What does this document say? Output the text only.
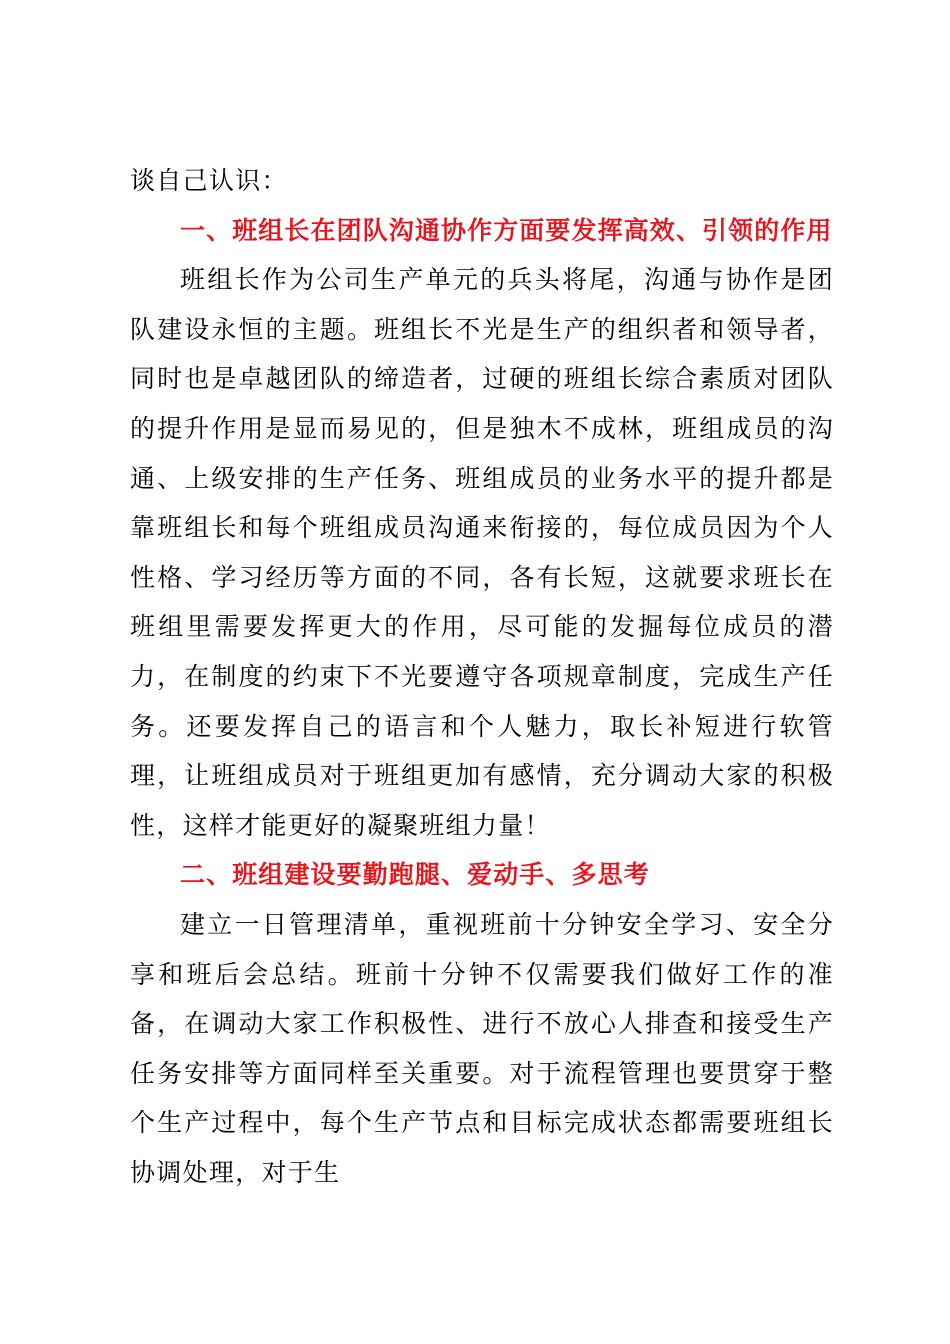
谈自己认识：

一、班组长在团队沟通协作方面要发挥高效、引领的作用

班组长作为公司生产单元的兵头将尾，沟通与协作是团队建设永恒的主题。班组长不光是生产的组织者和领导者，同时也是卓越团队的缔造者，过硬的班组长综合素质对团队的提升作用是显而易见的，但是独木不成林，班组成员的沟通、上级安排的生产任务、班组成员的业务水平的提升都是靠班组长和每个班组成员沟通来衔接的，每位成员因为个人性格、学习经历等方面的不同，各有长短，这就要求班长在班组里需要发挥更大的作用，尽可能的发掘每位成员的潜力，在制度的约束下不光要遵守各项规章制度，完成生产任务。还要发挥自己的语言和个人魅力，取长补短进行软管理，让班组成员对于班组更加有感情，充分调动大家的积极性，这样才能更好的凝聚班组力量！

二、班组建设要勤跑腿、爱动手、多思考

建立一日管理清单，重视班前十分钟安全学习、安全分享和班后会总结。班前十分钟不仅需要我们做好工作的准备，在调动大家工作积极性、进行不放心人排查和接受生产任务安排等方面同样至关重要。对于流程管理也要贯穿于整个生产过程中，每个生产节点和目标完成状态都需要班组长协调处理，对于生
